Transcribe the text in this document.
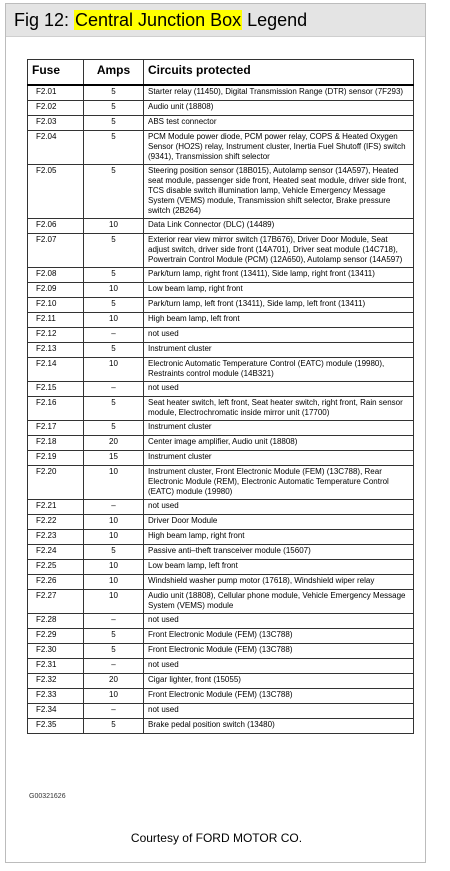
Fig 12: Central Junction Box Legend
Fuse	Amps	Circuits protected
F2.01	5	Starter relay (11450), Digital Transmission Range (DTR) sensor (7F293)
F2.02	5	Audio unit (18808)
F2.03	5	ABS test connector
F2.04	5	PCM Module power diode, PCM power relay, COPS & Heated Oxygen Sensor (HO2S) relay, Instrument cluster, Inertia Fuel Shutoff (IFS) switch (9341), Transmission shift selector
F2.05	5	Steering position sensor (18B015), Autolamp sensor (14A597), Heated seat module, passenger side front, Heated seat module, driver side front, TCS disable switch illumination lamp, Vehicle Emergency Message System (VEMS) module, Transmission shift selector, Brake pressure switch (2B264)
F2.06	10	Data Link Connector (DLC) (14489)
F2.07	5	Exterior rear view mirror switch (17B676), Driver Door Module, Seat adjust switch, driver side front (14A701), Driver seat module (14C718), Powertrain Control Module (PCM) (12A650), Autolamp sensor (14A597)
F2.08	5	Park/turn lamp, right front (13411), Side lamp, right front (13411)
F2.09	10	Low beam lamp, right front
F2.10	5	Park/turn lamp, left front (13411), Side lamp, left front (13411)
F2.11	10	High beam lamp, left front
F2.12	–	not used
F2.13	5	Instrument cluster
F2.14	10	Electronic Automatic Temperature Control (EATC) module (19980), Restraints control module (14B321)
F2.15	–	not used
F2.16	5	Seat heater switch, left front, Seat heater switch, right front, Rain sensor module, Electrochromatic inside mirror unit (17700)
F2.17	5	Instrument cluster
F2.18	20	Center image amplifier, Audio unit (18808)
F2.19	15	Instrument cluster
F2.20	10	Instrument cluster, Front Electronic Module (FEM) (13C788), Rear Electronic Module (REM), Electronic Automatic Temperature Control (EATC) module (19980)
F2.21	–	not used
F2.22	10	Driver Door Module
F2.23	10	High beam lamp, right front
F2.24	5	Passive anti–theft transceiver module (15607)
F2.25	10	Low beam lamp, left front
F2.26	10	Windshield washer pump motor (17618), Windshield wiper relay
F2.27	10	Audio unit (18808), Cellular phone module, Vehicle Emergency Message System (VEMS) module
F2.28	–	not used
F2.29	5	Front Electronic Module (FEM) (13C788)
F2.30	5	Front Electronic Module (FEM) (13C788)
F2.31	–	not used
F2.32	20	Cigar lighter, front (15055)
F2.33	10	Front Electronic Module (FEM) (13C788)
F2.34	–	not used
F2.35	5	Brake pedal position switch (13480)
G00321626
Courtesy of FORD MOTOR CO.
